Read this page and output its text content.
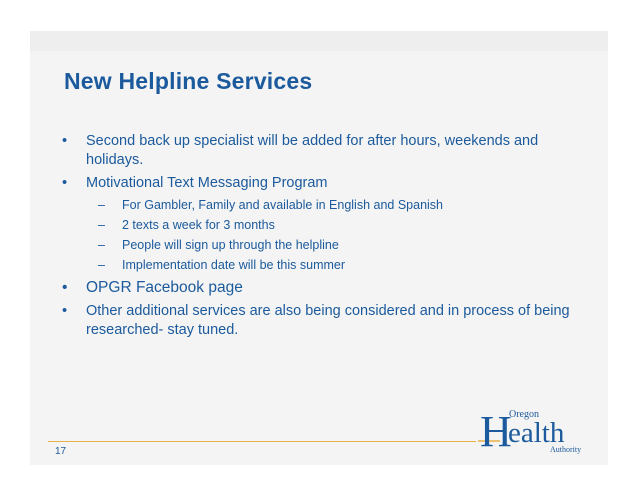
New Helpline Services
• Second back up specialist will be added for after hours, weekends and holidays.
• Motivational Text Messaging Program
– For Gambler, Family and available in English and Spanish
– 2 texts a week for 3 months
– People will sign up through the helpline
– Implementation date will be this summer
• OPGR Facebook page
• Other additional services are also being considered and in process of being researched- stay tuned.
17	H
Oregon
ealth
Authority
